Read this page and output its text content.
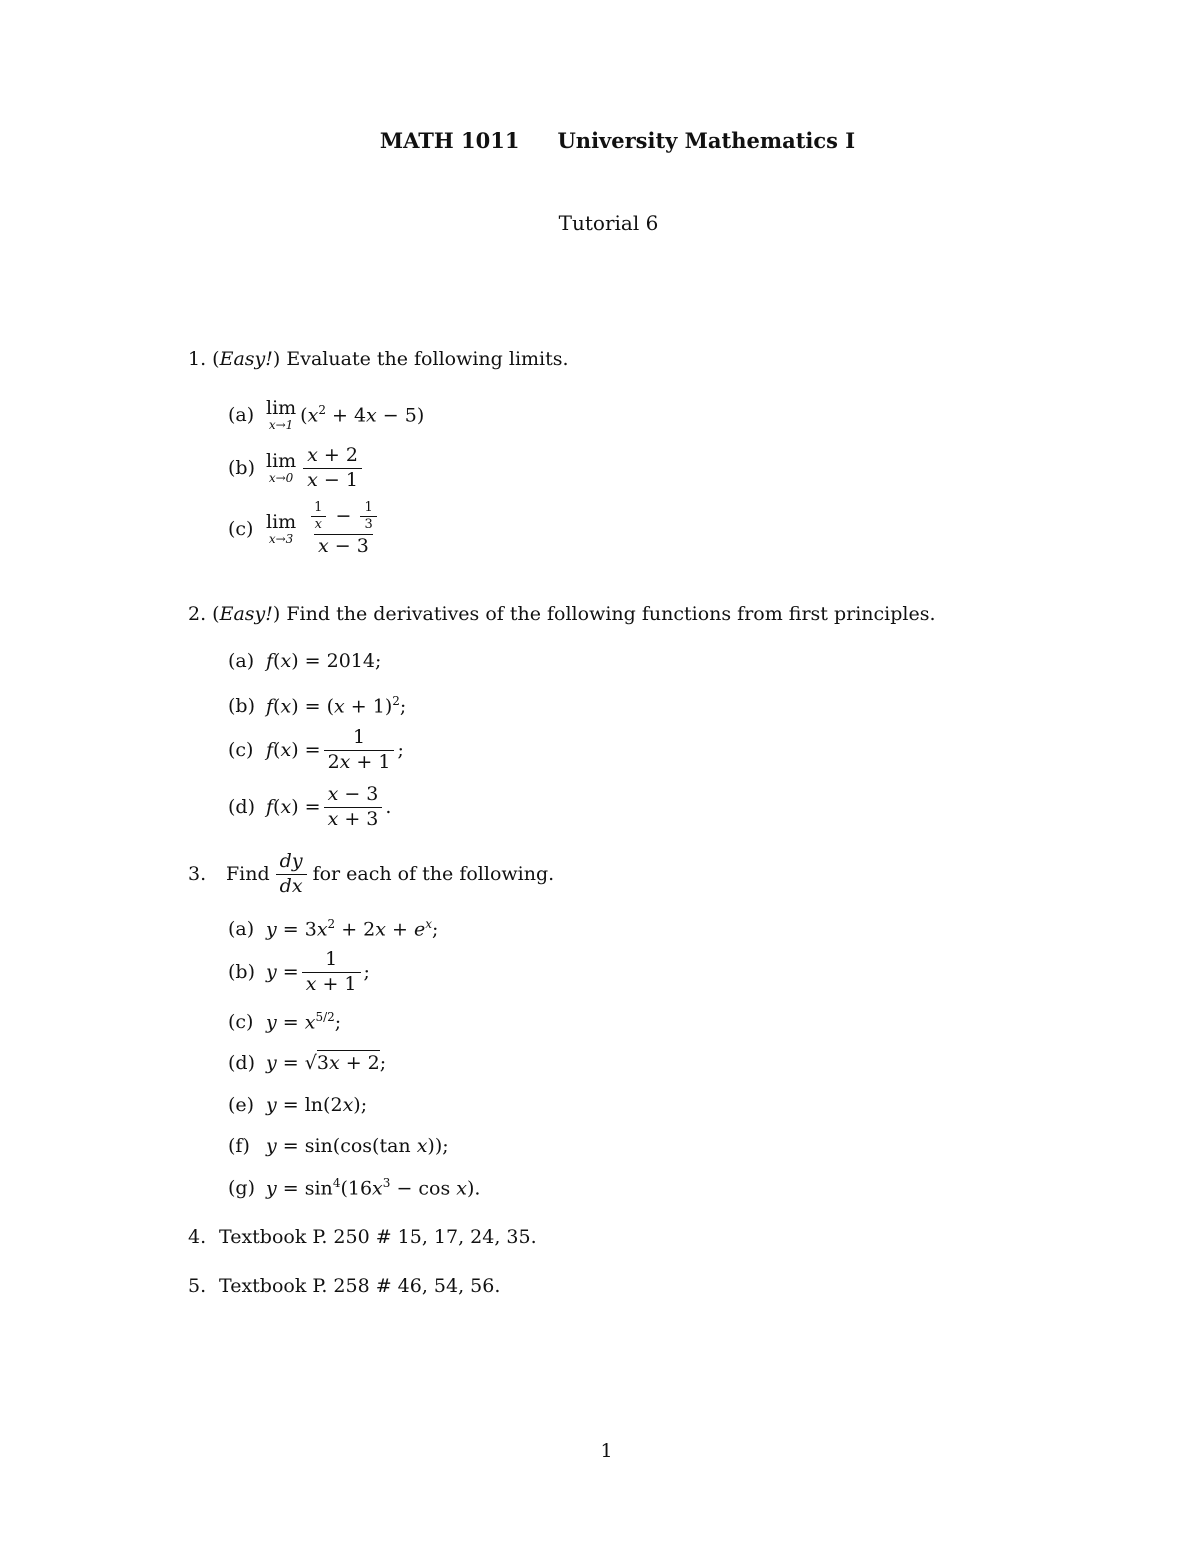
MATH 1011 University Mathematics I
Tutorial 6
1. (Easy!) Evaluate the following limits.
(a) lim
x→1 $(x^2 + 4x - 5)$
(b) lim
$x\to 0 \frac{x + 2}{x - 1}$
(c) lim
$x\to 3 \frac{\frac{1}{x} - \frac{1}{3}}{x - 3}$
2. (Easy!) Find the derivatives of the following functions from first principles.
(a) f(x) = 2014;
(b) $f(x) = (x + 1)^2$;
(c) $f(x) = \frac{1}{2x + 1}$ ;
(d) $f(x) = \frac{x - 3}{x + 3}$ .
3.	Find $\frac{dy}{dx}$ for each of the following.
(a) $y = 3x^2 + 2x + e^x$;
(b) $y = \frac{1}{x + 1}$ ;
(c) $y = x^{5/2}$;
(d) y = √3x + 2;
(e) y = ln(2x);
(f) y = sin(cos(tan x));
(g) $y = \sin^4(16x^3 - \cos x)$.
4. Textbook P. 250 # 15, 17, 24, 35.
5. Textbook P. 258 # 46, 54, 56.
1
